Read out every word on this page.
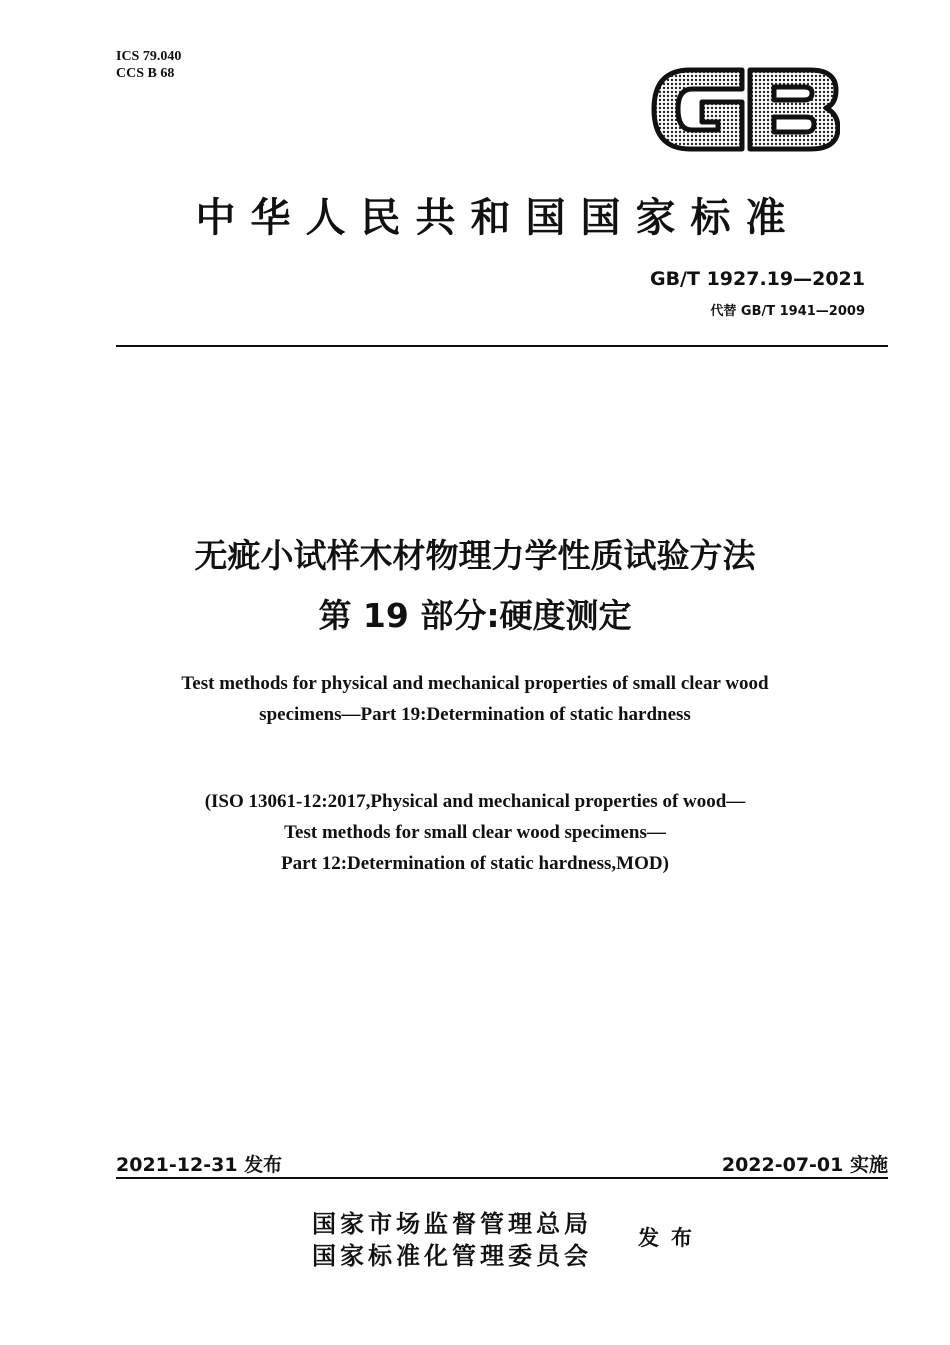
ICS 79.040
CCS B 68
中华人民共和国国家标准
GB/T 1927.19—2021
代替 GB/T 1941—2009
无疵小试样木材物理力学性质试验方法
第 19 部分:硬度测定
Test methods for physical and mechanical properties of small clear wood
specimens—Part 19:Determination of static hardness
(ISO 13061-12:2017,Physical and mechanical properties of wood—
Test methods for small clear wood specimens—
Part 12:Determination of static hardness,MOD)
2021-12-31 发布	2022-07-01 实施
国家市场监督管理总局
国家标准化管理委员会
发布
